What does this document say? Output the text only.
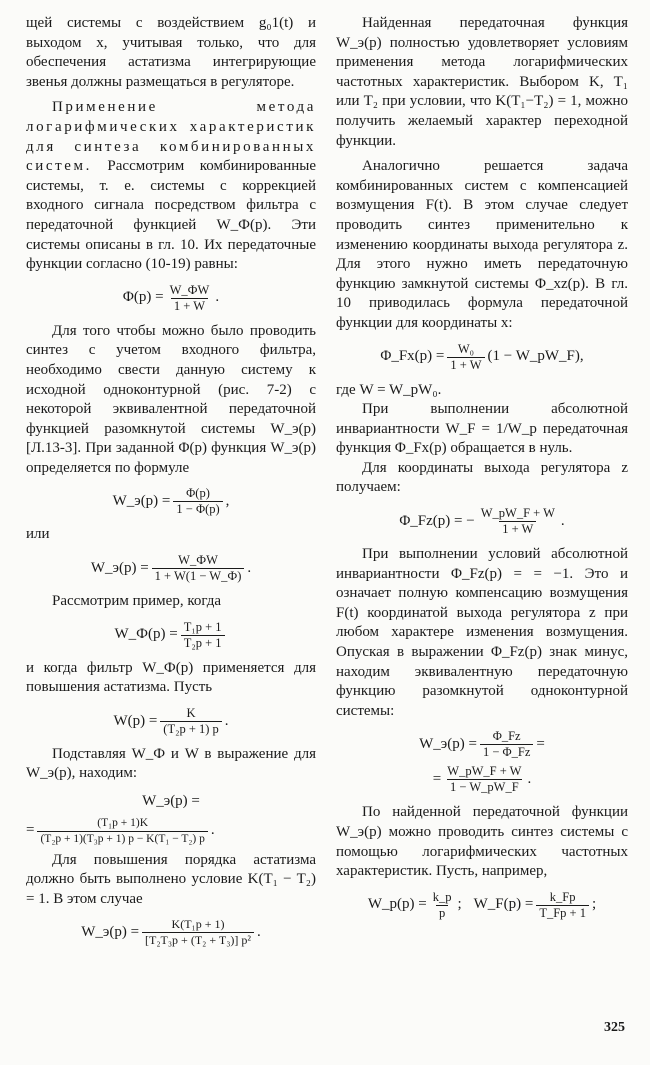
щей системы с воздействием g₀1(t) и выходом x, учитывая только, что для обеспечения астатизма интегрирующие звенья должны размещаться в регуляторе.

Применение метода логарифмических характеристик для синтеза комбинированных систем. Рассмотрим комбинированные системы, т. е. системы с коррекцией входного сигнала посредством фильтра с передаточной функцией W_Ф(p). Эти системы описаны в гл. 10. Их передаточные функции согласно (10-19) равны:

$\Phi(p) = \frac{W\_ФW}{1 + W}$ .

Для того чтобы можно было проводить синтез с учетом входного фильтра, необходимо свести данную систему к исходной одноконтурной (рис. 7-2) с некоторой эквивалентной передаточной функцией разомкнутой системы W_э(p) [Л.13-3]. При заданной Φ(p) функция W_э(p) определяется по формуле

W_э(p) = $\frac{\Phi(p)}{1 - \Phi(p)}$ ,

или

W_э(p) = $\frac{W\_ФW}{1 + W(1 - W\_Ф)}$ .

Рассмотрим пример, когда

W_Ф(p) = $\frac{\text{T₁p + 1}}{\text{T₂p + 1}}$

и когда фильтр W_Ф(p) применяется для повышения астатизма. Пусть

$W(p) = \frac{K}{\text{(T₂p + 1) p}}$ .

Подставляя W_Ф и W в выражение для W_э(p), находим:

W_э(p) =
= $\frac{\text{(T₁p + 1)K}}{\text{(T₂p + 1)(T₃p + 1) p − K(T₁ − T₂) p}}$ .

Для повышения порядка астатизма должно быть выполнено условие K(T₁ − T₂) = 1. В этом случае

W_э(p) = $\frac{\text{K(T₁p + 1)}}{\text{[T₂T₃p + (T₂ + T₃)] p²}}$ .

Найденная передаточная функция W_э(p) полностью удовлетворяет условиям применения метода логарифмических частотных характеристик. Выбором K, T₁ или T₂ при условии, что K(T₁−T₂) = 1, можно получить желаемый характер переходной функции.

Аналогично решается задача комбинированных систем с компенсацией возмущения F(t). В этом случае следует проводить синтез применительно к изменению координаты выхода регулятора z. Для этого нужно иметь передаточную функцию замкнутой системы Φ_xz(p). В гл. 10 приводилась формула передаточной функции для координаты x:

Φ_Fx(p) = $\frac{\text{W₀}}{1 + W} (1$ − W_pW_F),

где W = W_pW₀.

При выполнении абсолютной инвариантности W_F = 1/W_p передаточная функция Φ_Fx(p) обращается в нуль.

Для координаты выхода регулятора z получаем:

Φ_Fz(p) = − $\frac{W\_pW\_F + W}{1 + W}$ .

При выполнении условий абсолютной инвариантности Φ_Fz(p) = = −1. Это и означает полную компенсацию возмущения F(t) координатой выхода регулятора z при любом характере изменения возмущения. Опуская в выражении Φ_Fz(p) знак минус, находим эквивалентную передаточную функцию разомкнутой одноконтурной системы:

W_э(p) = $\frac{\Phi\_Fz}{1 - \Phi\_Fz}$ =
= $\frac{W\_pW\_F + W}{1 - W\_pW\_F}$ .

По найденной передаточной функции W_э(p) можно проводить синтез системы с помощью логарифмических частотных характеристик. Пусть, например,

W_p(p) = $\frac{k\_p}{p}$ ; W_F(p) = $\frac{k\_Fp}{T\_Fp + 1}$ ;
325
